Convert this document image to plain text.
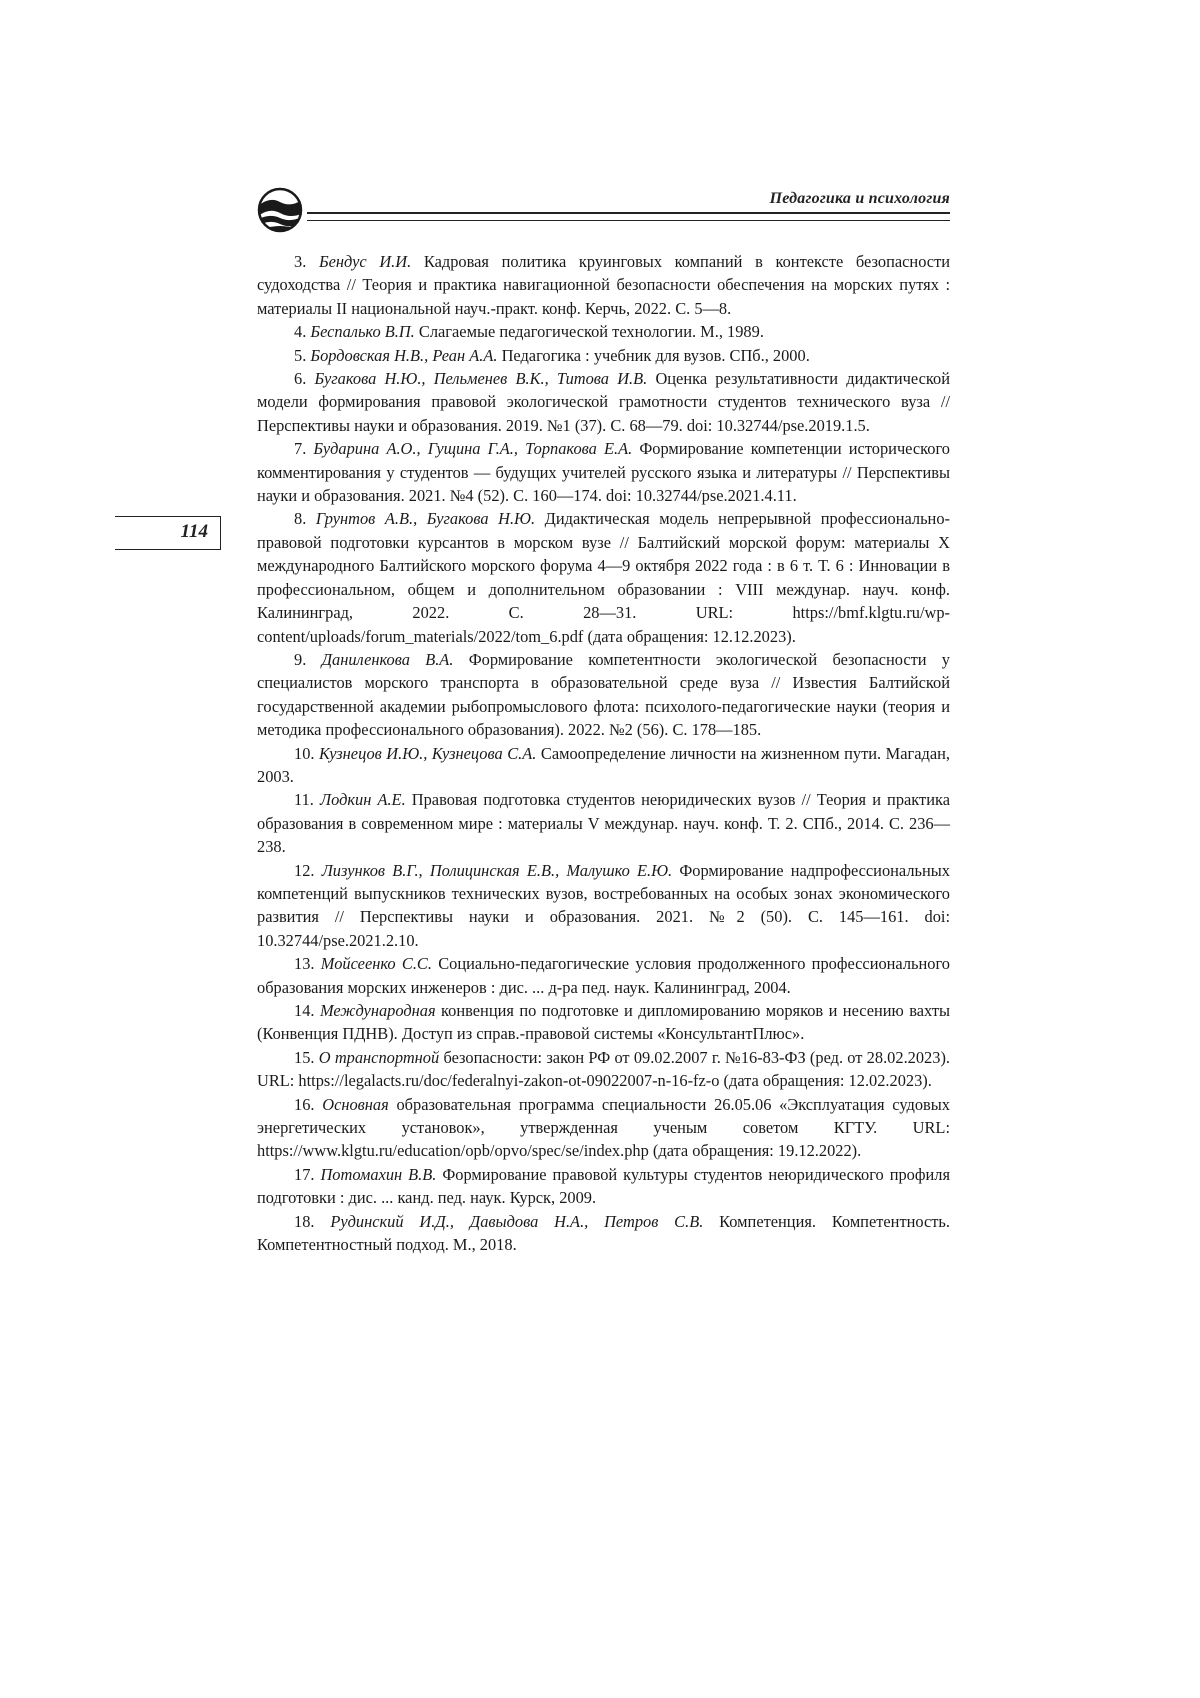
Педагогика и психология
114

3. Бендус И.И. Кадровая политика круинговых компаний в контексте безопасности судоходства // Теория и практика навигационной безопасности обеспечения на морских путях : материалы II национальной науч.-практ. конф. Керчь, 2022. С. 5—8.

4. Беспалько В.П. Слагаемые педагогической технологии. М., 1989.

5. Бордовская Н.В., Реан А.А. Педагогика : учебник для вузов. СПб., 2000.

6. Бугакова Н.Ю., Пельменев В.К., Титова И.В. Оценка результативности дидактической модели формирования правовой экологической грамотности студентов технического вуза // Перспективы науки и образования. 2019. №1 (37). С. 68—79. doi: 10.32744/pse.2019.1.5.

7. Бударина А.О., Гущина Г.А., Торпакова Е.А. Формирование компетенции исторического комментирования у студентов — будущих учителей русского языка и литературы // Перспективы науки и образования. 2021. №4 (52). С. 160—174. doi: 10.32744/pse.2021.4.11.

8. Грунтов А.В., Бугакова Н.Ю. Дидактическая модель непрерывной профессионально-правовой подготовки курсантов в морском вузе // Балтийский морской форум: материалы X международного Балтийского морского форума 4—9 октября 2022 года : в 6 т. Т. 6 : Инновации в профессиональном, общем и дополнительном образовании : VIII междунар. науч. конф. Калининград, 2022. С. 28—31. URL: https://bmf.klgtu.ru/wp-content/uploads/forum_materials/2022/tom_6.pdf (дата обращения: 12.12.2023).

9. Даниленкова В.А. Формирование компетентности экологической безопасности у специалистов морского транспорта в образовательной среде вуза // Известия Балтийской государственной академии рыбопромыслового флота: психолого-педагогические науки (теория и методика профессионального образования). 2022. №2 (56). С. 178—185.

10. Кузнецов И.Ю., Кузнецова С.А. Самоопределение личности на жизненном пути. Магадан, 2003.

11. Лодкин А.Е. Правовая подготовка студентов неюридических вузов // Теория и практика образования в современном мире : материалы V междунар. науч. конф. Т. 2. СПб., 2014. С. 236—238.

12. Лизунков В.Г., Полицинская Е.В., Малушко Е.Ю. Формирование надпрофессиональных компетенций выпускников технических вузов, востребованных на особых зонах экономического развития // Перспективы науки и образования. 2021. №2 (50). С. 145—161. doi: 10.32744/pse.2021.2.10.

13. Мойсеенко С.С. Социально-педагогические условия продолженного профессионального образования морских инженеров : дис. ... д-ра пед. наук. Калининград, 2004.

14. Международная конвенция по подготовке и дипломированию моряков и несению вахты (Конвенция ПДНВ). Доступ из справ.-правовой системы «КонсультантПлюс».

15. О транспортной безопасности: закон РФ от 09.02.2007 г. №16-83-ФЗ (ред. от 28.02.2023). URL: https://legalacts.ru/doc/federalnyi-zakon-ot-09022007-n-16-fz-o (дата обращения: 12.02.2023).

16. Основная образовательная программа специальности 26.05.06 «Эксплуатация судовых энергетических установок», утвержденная ученым советом КГТУ. URL: https://www.klgtu.ru/education/opb/opvo/spec/se/index.php (дата обращения: 19.12.2022).

17. Потомахин В.В. Формирование правовой культуры студентов неюридического профиля подготовки : дис. ... канд. пед. наук. Курск, 2009.

18. Рудинский И.Д., Давыдова Н.А., Петров С.В. Компетенция. Компетентность. Компетентностный подход. М., 2018.
